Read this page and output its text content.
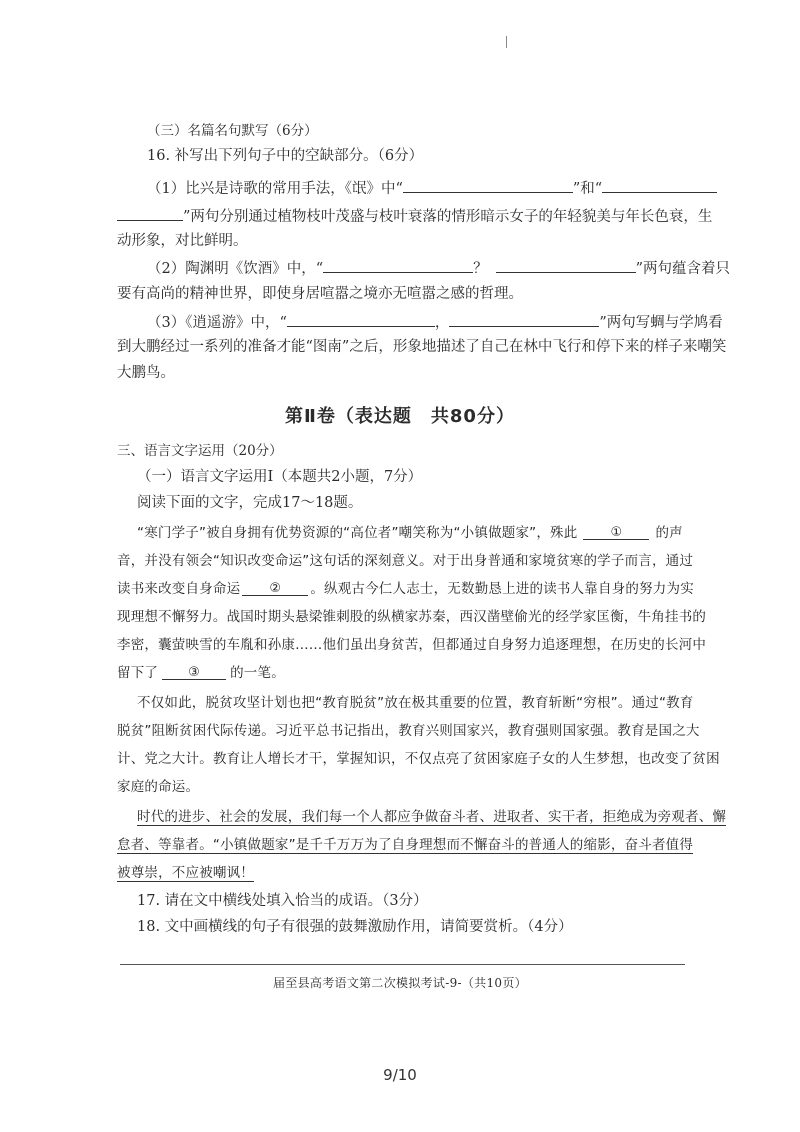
（三）名篇名句默写（6分）
16. 补写出下列句子中的空缺部分。（6分）
（1）比兴是诗歌的常用手法，《氓》中“	”和“
”两句分别通过植物枝叶茂盛与枝叶衰落的情形暗示女子的年轻貌美与年长色衰，生
动形象，对比鲜明。
（2）陶渊明《饮酒》中，“	？	”两句蕴含着只
要有高尚的精神世界，即使身居喧嚣之境亦无喧嚣之感的哲理。
（3）《逍遥游》中，“	，	”两句写蜩与学鸠看
到大鹏经过一系列的准备才能“图南”之后，形象地描述了自己在林中飞行和停下来的样子来嘲笑
大鹏鸟。
第Ⅱ卷（表达题　共80分）
三、语言文字运用（20分）
（一）语言文字运用Ⅰ（本题共2小题，7分）
阅读下面的文字，完成17～18题。
“寒门学子”被自身拥有优势资源的“高位者”嘲笑称为“小镇做题家”，殊此	① 的声
音，并没有领会“知识改变命运”这句话的深刻意义。对于出身普通和家境贫寒的学子而言，通过
读书来改变自身命运 ② 。纵观古今仁人志士，无数勤恳上进的读书人靠自身的努力为实
现理想不懈努力。战国时期头悬梁锥刺股的纵横家苏秦，西汉凿壁偷光的经学家匡衡，牛角挂书的
李密，囊萤映雪的车胤和孙康……他们虽出身贫苦，但都通过自身努力追逐理想，在历史的长河中
留下了 ③ 的一笔。
不仅如此，脱贫攻坚计划也把“教育脱贫”放在极其重要的位置，教育斩断“穷根”。通过“教育
脱贫”阻断贫困代际传递。习近平总书记指出，教育兴则国家兴，教育强则国家强。教育是国之大
计、党之大计。教育让人增长才干，掌握知识，不仅点亮了贫困家庭子女的人生梦想，也改变了贫困
家庭的命运。
时代的进步、社会的发展，我们每一个人都应争做奋斗者、进取者、实干者，拒绝成为旁观者、懈
怠者、等靠者。“小镇做题家”是千千万万为了自身理想而不懈奋斗的普通人的缩影，奋斗者值得
被尊崇，不应被嘲讽！
17. 请在文中横线处填入恰当的成语。（3分）
18. 文中画横线的句子有很强的鼓舞激励作用，请简要赏析。（4分）
届至县高考语文第二次模拟考试-9-（共10页）
9/10
